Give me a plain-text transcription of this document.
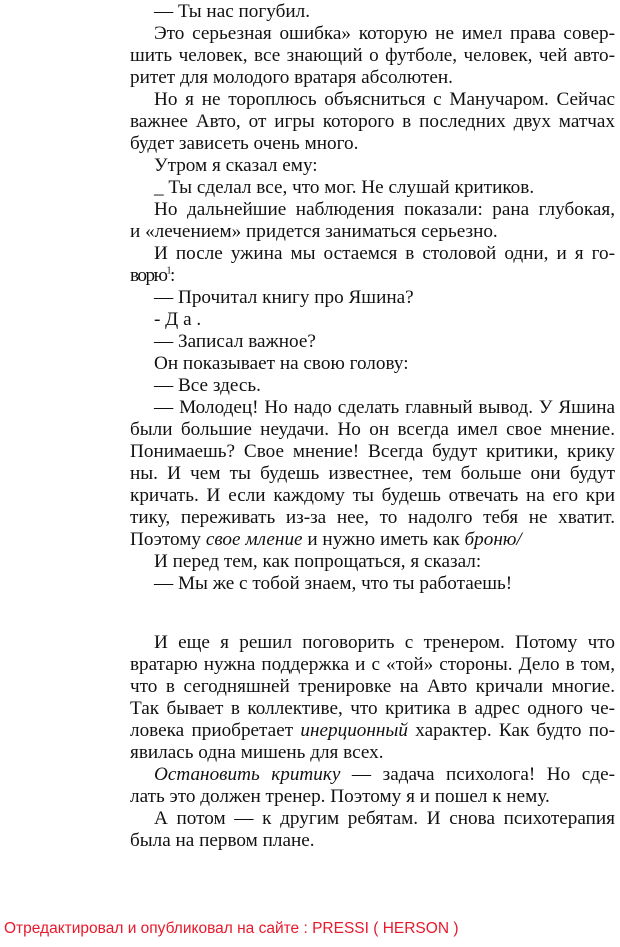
— Ты нас погубил.
Это серьезная ошибка» которую не имел права совер-
шить человек, все знающий о футболе, человек, чей авто-
ритет для молодого вратаря абсолютен.
Но я не тороплюсь объясниться с Манучаром. Сейчас
важнее Авто, от игры которого в последних двух матчах
будет зависеть очень много.
Утром я сказал ему:
_ Ты сделал все, что мог. Не слушай критиков.
Но дальнейшие наблюдения показали: рана глубокая,
и «лечением» придется заниматься серьезно.
И после ужина мы остаемся в столовой одни, и я го-
ворю$^1$:
— Прочитал книгу про Яшина?
- Д а .
— Записал важное?
Он показывает на свою голову:
— Все здесь.
— Молодец! Но надо сделать главный вывод. У Яшина
были большие неудачи. Но он всегда имел свое мнение.
Понимаешь? Свое мнение! Всегда будут критики, крику
ны. И чем ты будешь известнее, тем больше они будут
кричать. И если каждому ты будешь отвечать на его кри
тику, переживать из-за нее, то надолго тебя не хватит.
Поэтому свое мление и нужно иметь как броню/
И перед тем, как попрощаться, я сказал:
— Мы же с тобой знаем, что ты работаешь!
И еще я решил поговорить с тренером. Потому что
вратарю нужна поддержка и с «той» стороны. Дело в том,
что в сегодняшней тренировке на Авто кричали многие.
Так бывает в коллективе, что критика в адрес одного че-
ловека приобретает инерционный характер. Как будто по-
явилась одна мишень для всех.
Остановить критику — задача психолога! Но сде-
лать это должен тренер. Поэтому я и пошел к нему.
А потом — к другим ребятам. И снова психотерапия
была на первом плане.
Отредактировал и опубликовал на сайте : PRESSI ( HERSON )
